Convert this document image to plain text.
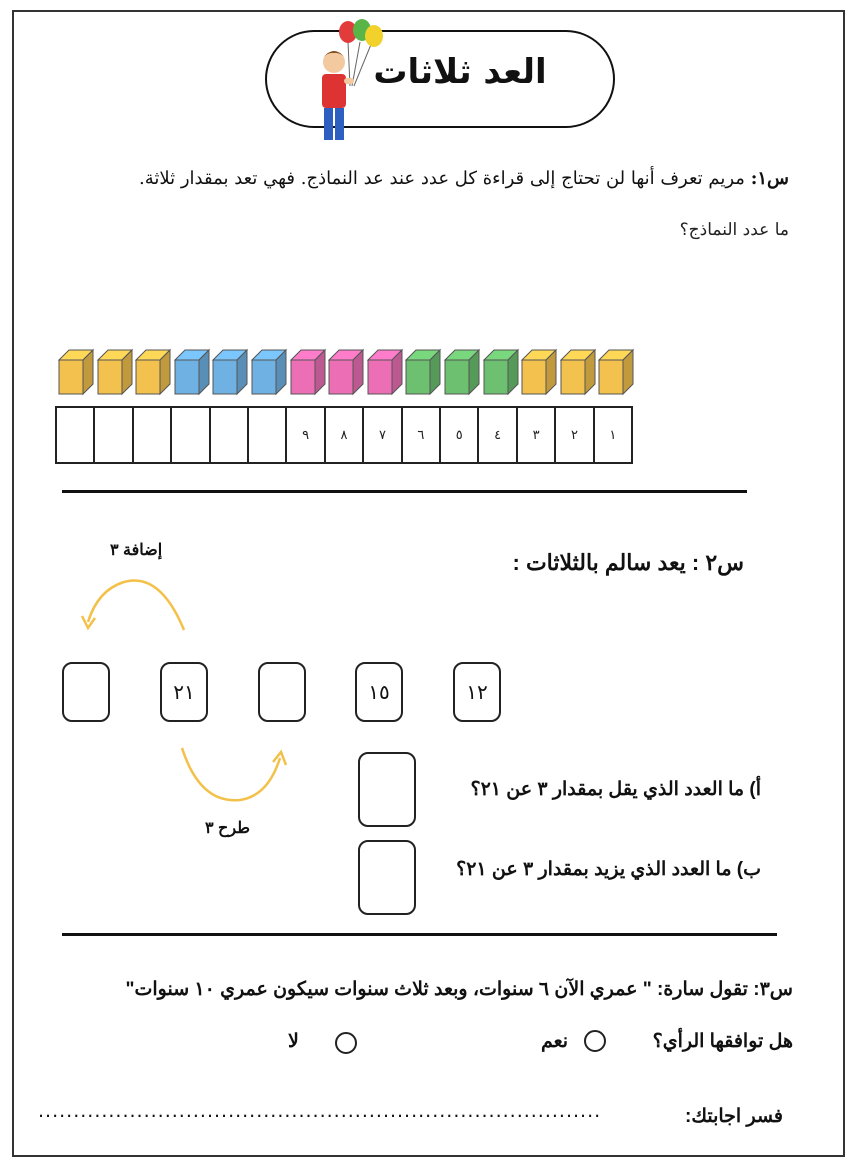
العد ثلاثات
س١: مريم تعرف أنها لن تحتاج إلى قراءة كل عدد عند عد النماذج. فهي تعد بمقدار ثلاثة.
ما عدد النماذج؟
٩	٨	٧	٦	٥	٤	٣	٢	١
س٢ : يعد سالم بالثلاثات :
إضافة ٣
٢١	١٥	١٢
طرح ٣
أ) ما العدد الذي يقل بمقدار ٣ عن ٢١؟
ب) ما العدد الذي يزيد بمقدار ٣ عن ٢١؟
س٣: تقول سارة: " عمري الآن ٦ سنوات، وبعد ثلاث سنوات سيكون عمري ١٠ سنوات"
هل توافقها الرأي؟
نعم
لا
فسر اجابتك:
................................................................................
